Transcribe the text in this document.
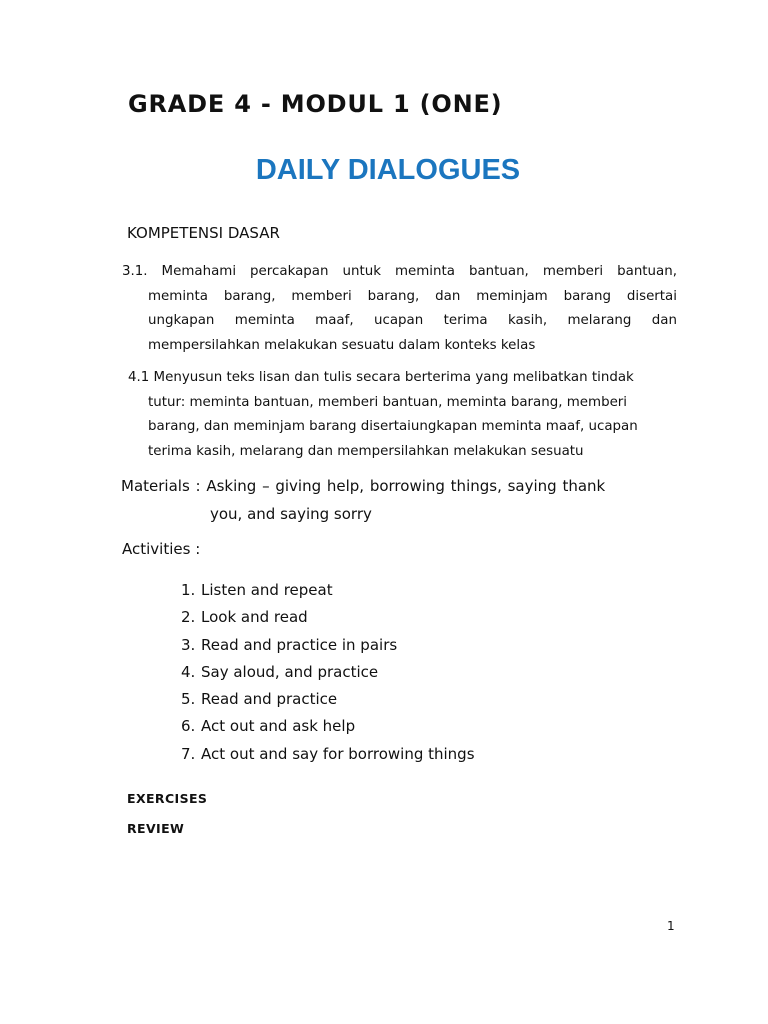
GRADE 4 - MODUL 1 (ONE)
DAILY DIALOGUES
KOMPETENSI DASAR
3.1. Memahami percakapan untuk meminta bantuan, memberi bantuan,
meminta barang, memberi barang, dan meminjam barang disertai
ungkapan meminta maaf, ucapan terima kasih, melarang dan
mempersilahkan melakukan sesuatu dalam konteks kelas
4.1 Menyusun teks lisan dan tulis secara berterima yang melibatkan tindak
tutur: meminta bantuan, memberi bantuan, meminta barang, memberi
barang, dan meminjam barang disertaiungkapan meminta maaf, ucapan
terima kasih, melarang dan mempersilahkan melakukan sesuatu
Materials : Asking – giving help, borrowing things, saying thank
you, and saying sorry
Activities :
1. Listen and repeat
2. Look and read
3. Read and practice in pairs
4. Say aloud, and practice
5. Read and practice
6. Act out and ask help
7. Act out and say for borrowing things
EXERCISES
REVIEW
1
